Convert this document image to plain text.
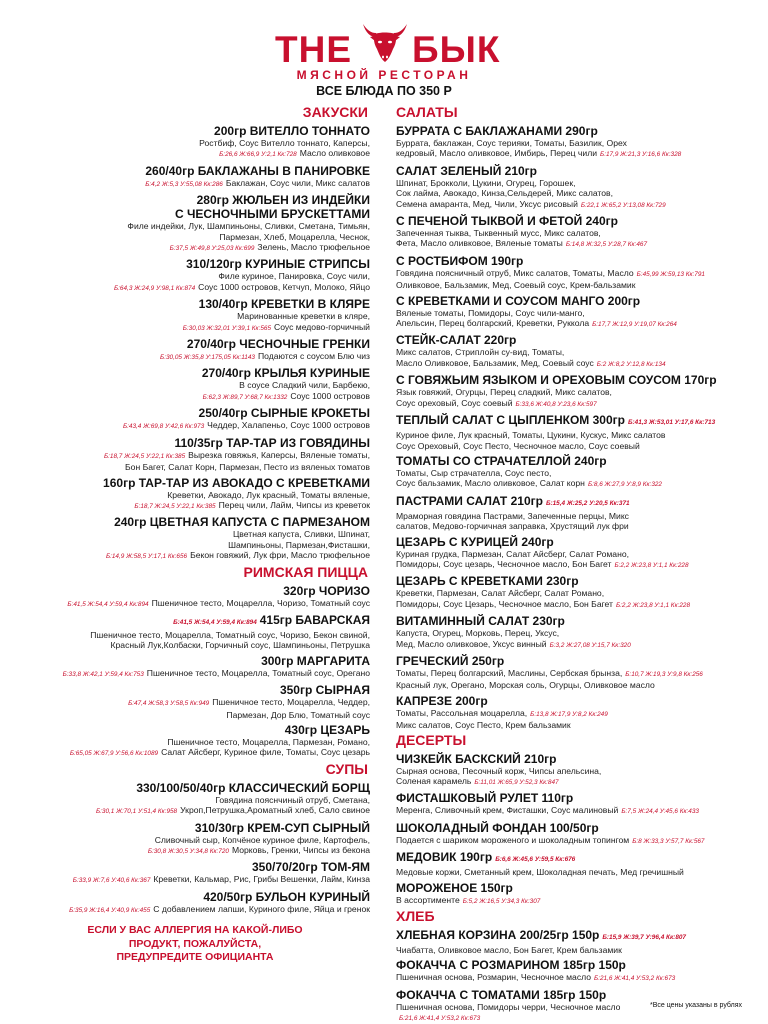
THE БЫК
МЯСНОЙ РЕСТОРАН
ВСЕ БЛЮДА ПО 350 Р
ЗАКУСКИ
200гр ВИТЕЛЛО ТОННАТО
Ростбиф, Соус Вителло тоннато, Каперсы,
Б:26,6 Ж:66,9 У:2,1 Кк:728 Масло оливковое
260/40гр БАКЛАЖАНЫ В ПАНИРОВКЕ
Б:4,2 Ж:5,3 У:55,08 Кк:286 Баклажан, Соус чили, Микс салатов
280гр ЖЮЛЬЕН ИЗ ИНДЕЙКИ
С ЧЕСНОЧНЫМИ БРУСКЕТТАМИ
Филе индейки, Лук, Шампиньоны, Сливки, Сметана, Тимьян,
Пармезан, Хлеб, Моцарелла, Чеснок,
Б:37,5 Ж:49,8 У:25,03 Кк:699 Зелень, Масло трюфельное
310/120гр КУРИНЫЕ СТРИПСЫ
Филе куриное, Панировка, Соус чили,
Б:64,3 Ж:24,9 У:98,1 Кк:874 Соус 1000 островов, Кетчуп, Молоко, Яйцо
130/40гр КРЕВЕТКИ В КЛЯРЕ
Маринованные креветки в кляре,
Б:30,03 Ж:32,01 У:39,1 Кк:565 Соус медово-горчичный
270/40гр ЧЕСНОЧНЫЕ ГРЕНКИ
Б:30,05 Ж:35,8 У:175,05 Кк:1143 Подаются с соусом Блю чиз
270/40гр КРЫЛЬЯ КУРИНЫЕ
В соусе Сладкий чили, Барбекю,
Б:62,3 Ж:89,7 У:68,7 Кк:1332 Соус 1000 островов
250/40гр СЫРНЫЕ КРОКЕТЫ
Б:43,4 Ж:69,8 У:42,6 Кк:973 Чеддер, Халапеньо, Соус 1000 островов
110/35гр ТАР-ТАР ИЗ ГОВЯДИНЫ
Б:18,7 Ж:24,5 У:22,1 Кк:385 Вырезка говяжья, Каперсы, Вяленые томаты,
Бон Багет, Салат Корн, Пармезан, Песто из вяленых томатов
160гр ТАР-ТАР ИЗ АВОКАДО С КРЕВЕТКАМИ
Креветки, Авокадо, Лук красный, Томаты вяленые,
Б:18,7 Ж:24,5 У:22,1 Кк:385 Перец чили, Лайм, Чипсы из креветок
240гр ЦВЕТНАЯ КАПУСТА С ПАРМЕЗАНОМ
Цветная капуста, Сливки, Шпинат,
Шампиньоны, Пармезан,Фисташки,
Б:14,9 Ж:58,5 У:17,1 Кк:656 Бекон говяжий, Лук фри, Масло трюфельное
РИМСКАЯ ПИЦЦА
320гр ЧОРИЗО
Б:41,5 Ж:54,4 У:59,4 Кк:894 Пшеничное тесто, Моцарелла, Чоризо, Томатный соус
Б:41,5 Ж:54,4 У:59,4 Кк:894 415гр БАВАРСКАЯ
Пшеничное тесто, Моцарелла, Томатный соус, Чоризо, Бекон свиной,
Красный Лук,Колбаски, Горчичный соус, Шампиньоны, Петрушка
300гр МАРГАРИТА
Б:33,8 Ж:42,1 У:59,4 Кк:753 Пшеничное тесто, Моцарелла, Томатный соус, Орегано
350гр СЫРНАЯ
Б:47,4 Ж:58,3 У:58,5 Кк:949 Пшеничное тесто, Моцарелла, Чеддер,
Пармезан, Дор Блю, Томатный соус
430гр ЦЕЗАРЬ
Пшеничное тесто, Моцарелла, Пармезан, Романо,
Б:65,05 Ж:67,9 У:56,6 Кк:1089 Салат Айсберг, Куриное филе, Томаты, Соус цезарь
СУПЫ
330/100/50/40гр КЛАССИЧЕСКИЙ БОРЩ
Говядина пояснчиный отруб, Сметана,
Б:30,1 Ж:70,1 У:51,4 Кк:958 Укроп,Петрушка,Ароматный хлеб, Сало свиное
310/30гр КРЕМ-СУП СЫРНЫЙ
Сливочный сыр, Копчёное куриное филе, Картофель,
Б:30,8 Ж:30,5 У:34,8 Кк:720 Морковь, Гренки, Чипсы из бекона
350/70/20гр ТОМ-ЯМ
Б:33,9 Ж:7,6 У:40,6 Кк:367 Креветки, Кальмар, Рис, Грибы Вешенки, Лайм, Кинза
420/50гр БУЛЬОН КУРИНЫЙ
Б:35,9 Ж:16,4 У:40,9 Кк:455 С добавлением лапши, Куриного филе, Яйца и гренок
ЕСЛИ У ВАС АЛЛЕРГИЯ НА КАКОЙ-ЛИБО
ПРОДУКТ, ПОЖАЛУЙСТА,
ПРЕДУПРЕДИТЕ ОФИЦИАНТА
САЛАТЫ
БУРРАТА С БАКЛАЖАНАМИ 290гр
Буррата, баклажан, Соус терияки, Томаты, Базилик, Орех
кедровый, Масло оливковое, Имбирь, Перец чили Б:17,9 Ж:21,3 У:16,6 Кк:328
САЛАТ ЗЕЛЕНЫЙ 210гр
Шпинат, Брокколи, Цукини, Огурец, Горошек,
Сок лайма, Авокадо, Кинза,Сельдерей, Микс салатов,
Семена амаранта, Мед, Чили, Уксус рисовый Б:22,1 Ж:65,2 У:13,08 Кк:729
С ПЕЧЕНОЙ ТЫКВОЙ И ФЕТОЙ 240гр
Запеченная тыква, Тыквенный мусс, Микс салатов,
Фета, Масло оливковое, Вяленые томаты Б:14,8 Ж:32,5 У:28,7 Кк:467
С РОСТБИФОМ 190гр
Говядина поясничный отруб, Микс салатов, Томаты, Масло Б:45,99 Ж:59,13 Кк:791
Оливковое, Бальзамик, Мед, Соевый соус, Крем-бальзамик
С КРЕВЕТКАМИ И СОУСОМ МАНГО 200гр
Вяленые томаты, Помидоры, Соус чили-манго,
Апельсин, Перец болгарский, Креветки, Руккола Б:17,7 Ж:12,9 У:19,07 Кк:264
СТЕЙК-САЛАТ 220гр
Микс салатов, Стриплойн су-вид, Томаты,
Масло Оливковое, Бальзамик, Мед, Соевый соус Б:2 Ж:8,2 У:12,8 Кк:134
С ГОВЯЖЬИМ ЯЗЫКОМ И ОРЕХОВЫМ СОУСОМ 170гр
Язык говяжий, Огурцы, Перец сладкий, Микс салатов,
Соус ореховый, Соус соевый Б:33,6 Ж:40,8 У:23,6 Кк:597
ТЕПЛЫЙ САЛАТ С ЦЫПЛЕНКОМ 300гр Б:41,3 Ж:53,01 У:17,6 Кк:713
Куриное филе, Лук красный, Томаты, Цукини, Кускус, Микс салатов
Соус Ореховый, Соус Песто, Чесночное масло, Соус соевый
ТОМАТЫ СО СТРАЧАТЕЛЛОЙ 240гр
Томаты, Сыр страчателла, Соус песто,
Соус бальзамик, Масло оливковое, Салат корн Б:8,6 Ж:27,9 У:8,9 Кк:322
ПАСТРАМИ САЛАТ 210гр Б:15,4 Ж:25,2 У:20,5 Кк:371
Мраморная говядина Пастрами, Запеченные перцы, Микс
салатов, Медово-горчичная заправка, Хрустящий лук фри
ЦЕЗАРЬ С КУРИЦЕЙ 240гр
Куриная грудка, Пармезан, Салат Айсберг, Салат Романо,
Помидоры, Соус цезарь, Чесночное масло, Бон Багет Б:2,2 Ж:23,8 У:1,1 Кк:228
ЦЕЗАРЬ С КРЕВЕТКАМИ 230гр
Креветки, Пармезан, Салат Айсберг, Салат Романо,
Помидоры, Соус Цезарь, Чесночное масло, Бон Багет Б:2,2 Ж:23,8 У:1,1 Кк:228
ВИТАМИННЫЙ САЛАТ 230гр
Капуста, Огурец, Морковь, Перец, Уксус,
Мед, Масло оливковое, Уксус винный Б:3,2 Ж:27,08 У:15,7 Кк:320
ГРЕЧЕСКИЙ 250гр
Томаты, Перец болгарский, Маслины, Сербская брынза, Б:10,7 Ж:19,3 У:9,8 Кк:256
Красный лук, Орегано, Морская соль, Огурцы, Оливковое масло
КАПРЕЗЕ 200гр
Томаты, Рассольная моцарелла, Б:13,8 Ж:17,9 У:8,2 Кк:249
Микс салатов, Соус Песто, Крем бальзамик
ДЕСЕРТЫ
ЧИЗКЕЙК БАСКСКИЙ 210гр
Сырная основа, Песочный корж, Чипсы апельсина,
Соленая карамель Б:11,01 Ж:65,9 У:52,3 Кк:847
ФИСТАШКОВЫЙ РУЛЕТ 110гр
Меренга, Сливочный крем, Фисташки, Соус малиновый Б:7,5 Ж:24,4 У:45,6 Кк:433
ШОКОЛАДНЫЙ ФОНДАН 100/50гр
Подается с шариком мороженого и шоколадным топингом Б:8 Ж:33,3 У:57,7 Кк:567
МЕДОВИК 190гр Б:6,6 Ж:45,6 У:59,5 Кк:676
Медовые коржи, Сметанный крем, Шоколадная печать, Мед гречишный
МОРОЖЕНОЕ 150гр
В ассортименте Б:5,2 Ж:16,5 У:34,3 Кк:307
ХЛЕБ
ХЛЕБНАЯ КОРЗИНА 200/25гр 150р Б:15,9 Ж:39,7 У:96,4 Кк:807
Чиабатта, Оливковое масло, Бон Багет, Крем бальзамик
ФОКАЧЧА С РОЗМАРИНОМ 185гр 150р
Пшеничная основа, Розмарин, Чесночное масло Б:21,6 Ж:41,4 У:53,2 Кк:673
ФОКАЧЧА С ТОМАТАМИ 185гр 150р
Пшеничная основа, Помидоры черри, Чесночное масло
Б:21,6 Ж:41,4 У:53,2 Кк:673
*Все цены указаны в рублях
